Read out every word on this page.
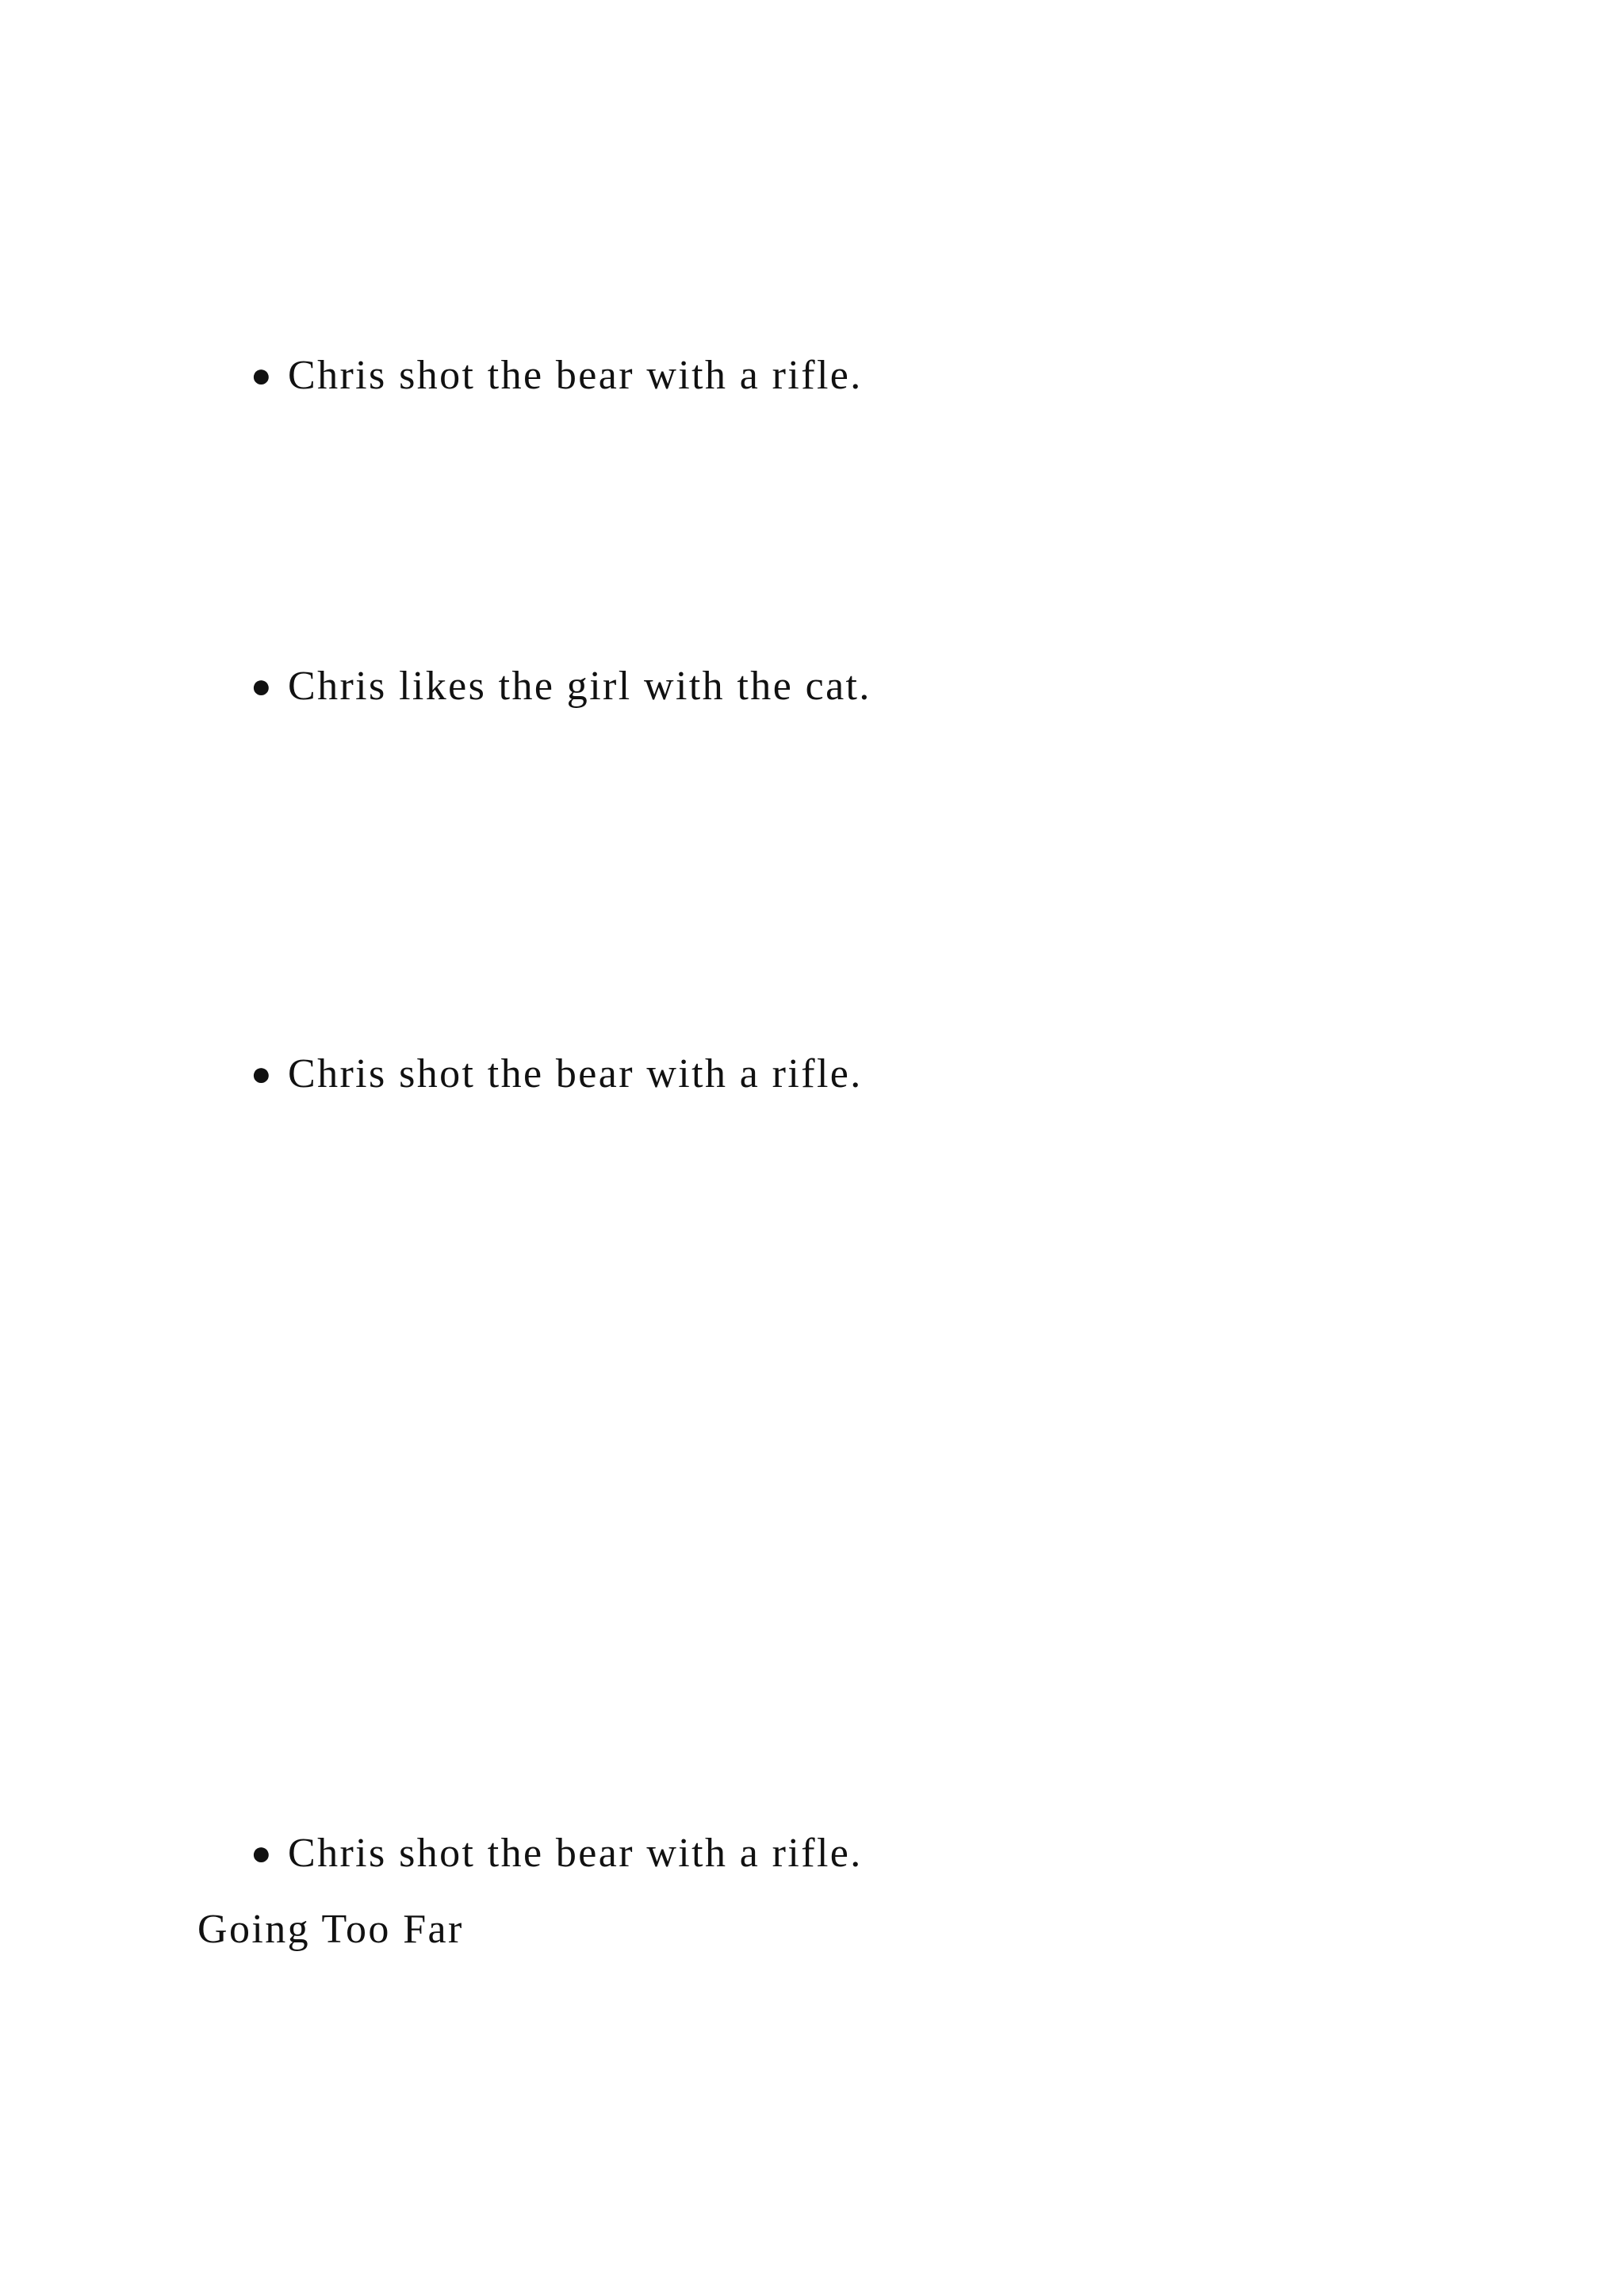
● Chris shot the bear with a rifle.
● Chris likes the girl with the cat.
● Chris shot the bear with a rifle.
● Chris shot the bear with a rifle.
Going Too Far
